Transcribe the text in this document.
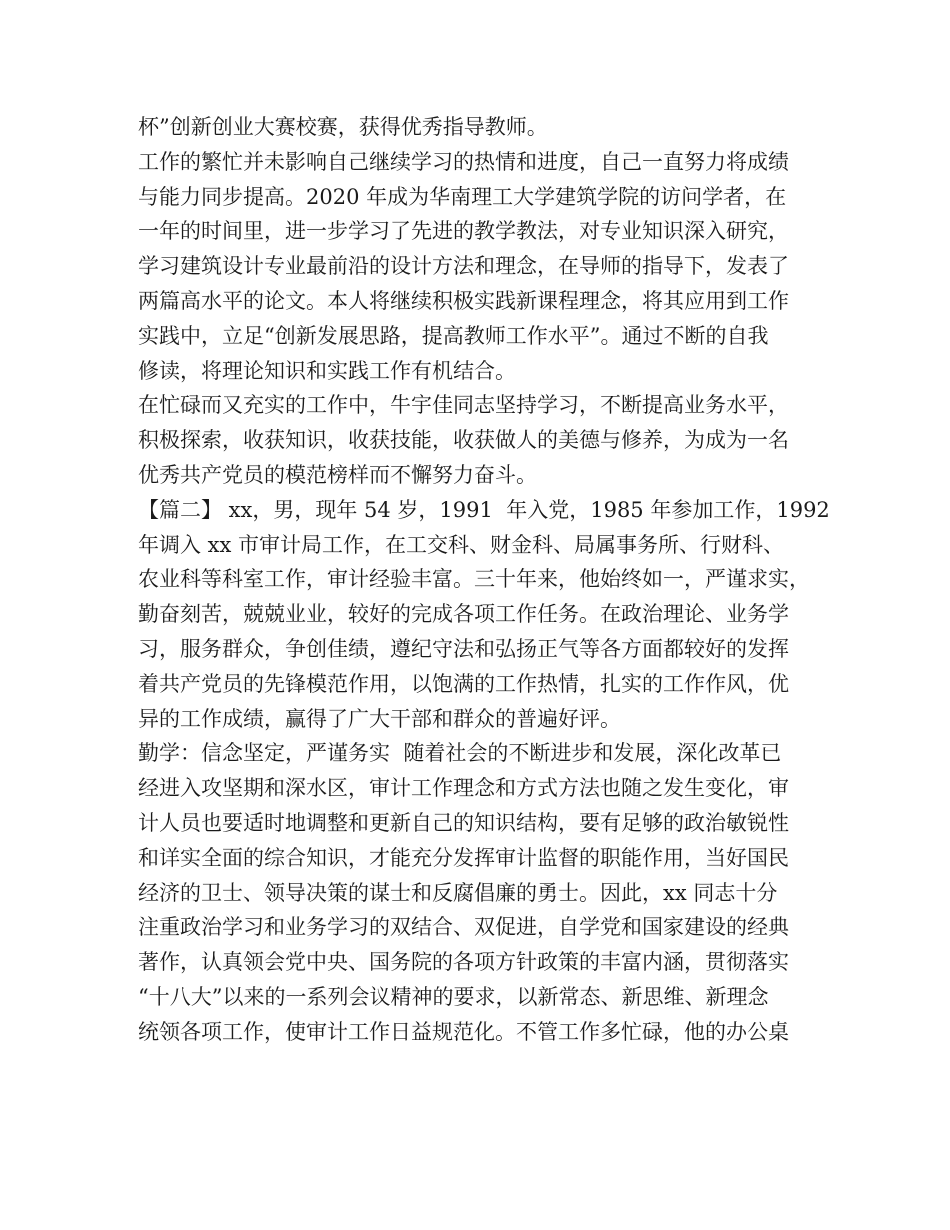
杯”创新创业大赛校赛，获得优秀指导教师。
工作的繁忙并未影响自己继续学习的热情和进度，自己一直努力将成绩
与能力同步提高。2020 年成为华南理工大学建筑学院的访问学者，在
一年的时间里，进一步学习了先进的教学教法，对专业知识深入研究，
学习建筑设计专业最前沿的设计方法和理念，在导师的指导下，发表了
两篇高水平的论文。本人将继续积极实践新课程理念，将其应用到工作
实践中，立足“创新发展思路，提高教师工作水平”。通过不断的自我
修读，将理论知识和实践工作有机结合。
在忙碌而又充实的工作中，牛宇佳同志坚持学习，不断提高业务水平，
积极探索，收获知识，收获技能，收获做人的美德与修养，为成为一名
优秀共产党员的模范榜样而不懈努力奋斗。
【篇二】 xx，男，现年 54 岁，1991  年入党，1985 年参加工作，1992
年调入 xx 市审计局工作，在工交科、财金科、局属事务所、行财科、
农业科等科室工作，审计经验丰富。三十年来，他始终如一，严谨求实，
勤奋刻苦，兢兢业业，较好的完成各项工作任务。在政治理论、业务学
习，服务群众，争创佳绩，遵纪守法和弘扬正气等各方面都较好的发挥
着共产党员的先锋模范作用，以饱满的工作热情，扎实的工作作风，优
异的工作成绩，赢得了广大干部和群众的普遍好评。
勤学：信念坚定，严谨务实  随着社会的不断进步和发展，深化改革已
经进入攻坚期和深水区，审计工作理念和方式方法也随之发生变化，审
计人员也要适时地调整和更新自己的知识结构，要有足够的政治敏锐性
和详实全面的综合知识，才能充分发挥审计监督的职能作用，当好国民
经济的卫士、领导决策的谋士和反腐倡廉的勇士。因此，xx 同志十分
注重政治学习和业务学习的双结合、双促进，自学党和国家建设的经典
著作，认真领会党中央、国务院的各项方针政策的丰富内涵，贯彻落实
“十八大”以来的一系列会议精神的要求，以新常态、新思维、新理念
统领各项工作，使审计工作日益规范化。不管工作多忙碌，他的办公桌
